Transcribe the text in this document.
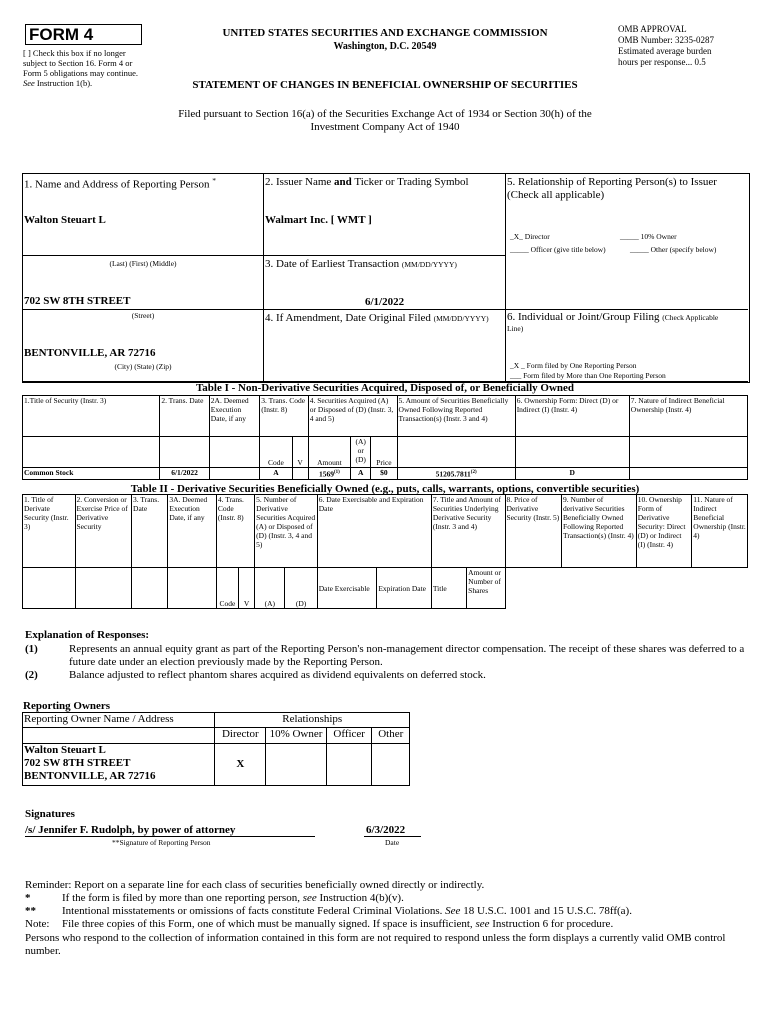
FORM 4
[ ] Check this box if no longer subject to Section 16. Form 4 or Form 5 obligations may continue. See Instruction 1(b).
UNITED STATES SECURITIES AND EXCHANGE COMMISSION
Washington, D.C. 20549
OMB APPROVAL
OMB Number: 3235-0287
Estimated average burden
hours per response... 0.5
STATEMENT OF CHANGES IN BENEFICIAL OWNERSHIP OF SECURITIES
Filed pursuant to Section 16(a) of the Securities Exchange Act of 1934 or Section 30(h) of the
Investment Company Act of 1940
1. Name and Address of Reporting Person *
Walton Steuart L
(Last) (First) (Middle)
702 SW 8TH STREET
(Street)
BENTONVILLE, AR 72716
(City) (State) (Zip)
2. Issuer Name and Ticker or Trading Symbol
Walmart Inc. [ WMT ]
3. Date of Earliest Transaction (MM/DD/YYYY)
6/1/2022
4. If Amendment, Date Original Filed (MM/DD/YYYY)
5. Relationship of Reporting Person(s) to Issuer
(Check all applicable)
_X_ Director	_____ 10% Owner
_____ Officer (give title below)	_____ Other (specify below)
6. Individual or Joint/Group Filing (Check Applicable
Line)
_X _ Form filed by One Reporting Person
___ Form filed by More than One Reporting Person
Table I - Non-Derivative Securities Acquired, Disposed of, or Beneficially Owned
1.Title of Security (Instr. 3)	2. Trans. Date	2A. Deemed Execution Date, if any	3. Trans. Code (Instr. 8)		4. Securities Acquired (A) or Disposed of (D) (Instr. 3, 4 and 5)			5. Amount of Securities Beneficially Owned Following Reported Transaction(s) (Instr. 3 and 4)	6. Ownership Form: Direct (D) or Indirect (I) (Instr. 4)	7. Nature of Indirect Beneficial Ownership (Instr. 4)
			Code	V	Amount	(A) or (D)	Price			
Common Stock	6/1/2022		A		1569$^{(1)}$	A	$0	51205.7811$^{(2)}$	D	
Table II - Derivative Securities Beneficially Owned (e.g., puts, calls, warrants, options, convertible securities)
1. Title of Derivate Security (Instr. 3)	2. Conversion or Exercise Price of Derivative Security	3. Trans. Date	3A. Deemed Execution Date, if any	4. Trans. Code (Instr. 8)		5. Number of Derivative Securities Acquired (A) or Disposed of (D) (Instr. 3, 4 and 5)		6. Date Exercisable and Expiration Date		7. Title and Amount of Securities Underlying Derivative Security (Instr. 3 and 4)		8. Price of Derivative Security (Instr. 5)	9. Number of derivative Securities Beneficially Owned Following Reported Transaction(s) (Instr. 4)	10. Ownership Form of Derivative Security: Direct (D) or Indirect (I) (Instr. 4)	11. Nature of Indirect Beneficial Ownership (Instr. 4)
				Code	V	(A)	(D)	Date Exercisable	Expiration Date	Title	Amount or Number of Shares				
Explanation of Responses:
(1)	Represents an annual equity grant as part of the Reporting Person's non-management director compensation. The receipt of these shares was deferred to a future date under an election previously made by the Reporting Person.
(2)	Balance adjusted to reflect phantom shares acquired as dividend equivalents on deferred stock.
Reporting Owners
Reporting Owner Name / Address	Relationships			
	Director	10% Owner	Officer	Other

Walton Steuart L
702 SW 8TH STREET
BENTONVILLE, AR 72716	X			
Signatures
/s/ Jennifer F. Rudolph, by power of attorney	6/3/2022
**Signature of Reporting Person	Date
Reminder: Report on a separate line for each class of securities beneficially owned directly or indirectly.
*	If the form is filed by more than one reporting person, see Instruction 4(b)(v).
** Intentional misstatements or omissions of facts constitute Federal Criminal Violations. See 18 U.S.C. 1001 and 15 U.S.C. 78ff(a).
Note: File three copies of this Form, one of which must be manually signed. If space is insufficient, see Instruction 6 for procedure.
Persons who respond to the collection of information contained in this form are not required to respond unless the form displays a currently valid OMB control number.
